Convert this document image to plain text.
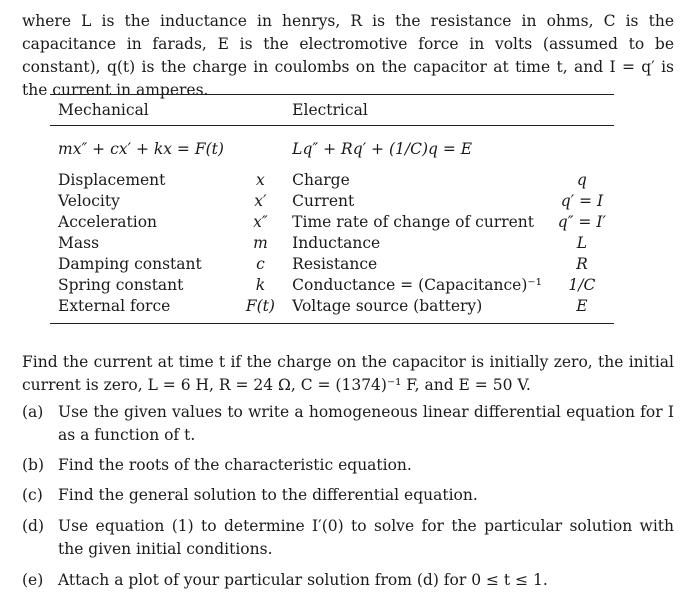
where L is the inductance in henrys, R is the resistance in ohms, C is the capacitance in farads, E is the electromotive force in volts (assumed to be constant), q(t) is the charge in coulombs on the capacitor at time t, and I = q′ is the current in amperes.

Mechanical		Electrical	
mx″ + cx′ + kx = F(t)		Lq″ + Rq′ + (1/C)q = E	
Displacement	x	Charge	q
Velocity	x′	Current	q′ = I
Acceleration	x″	Time rate of change of current	q″ = I′
Mass	m	Inductance	L
Damping constant	c	Resistance	R
Spring constant	k	Conductance = (Capacitance)⁻¹	1/C
External force	F(t)	Voltage source (battery)	E

Find the current at time t if the charge on the capacitor is initially zero, the initial current is zero, L = 6 H, R = 24 Ω, C = (1374)⁻¹ F, and E = 50 V.

(a) Use the given values to write a homogeneous linear differential equation for I as a function of t.
(b) Find the roots of the characteristic equation.
(c) Find the general solution to the differential equation.
(d) Use equation (1) to determine I′(0) to solve for the particular solution with the given initial conditions.
(e) Attach a plot of your particular solution from (d) for 0 ≤ t ≤ 1.
